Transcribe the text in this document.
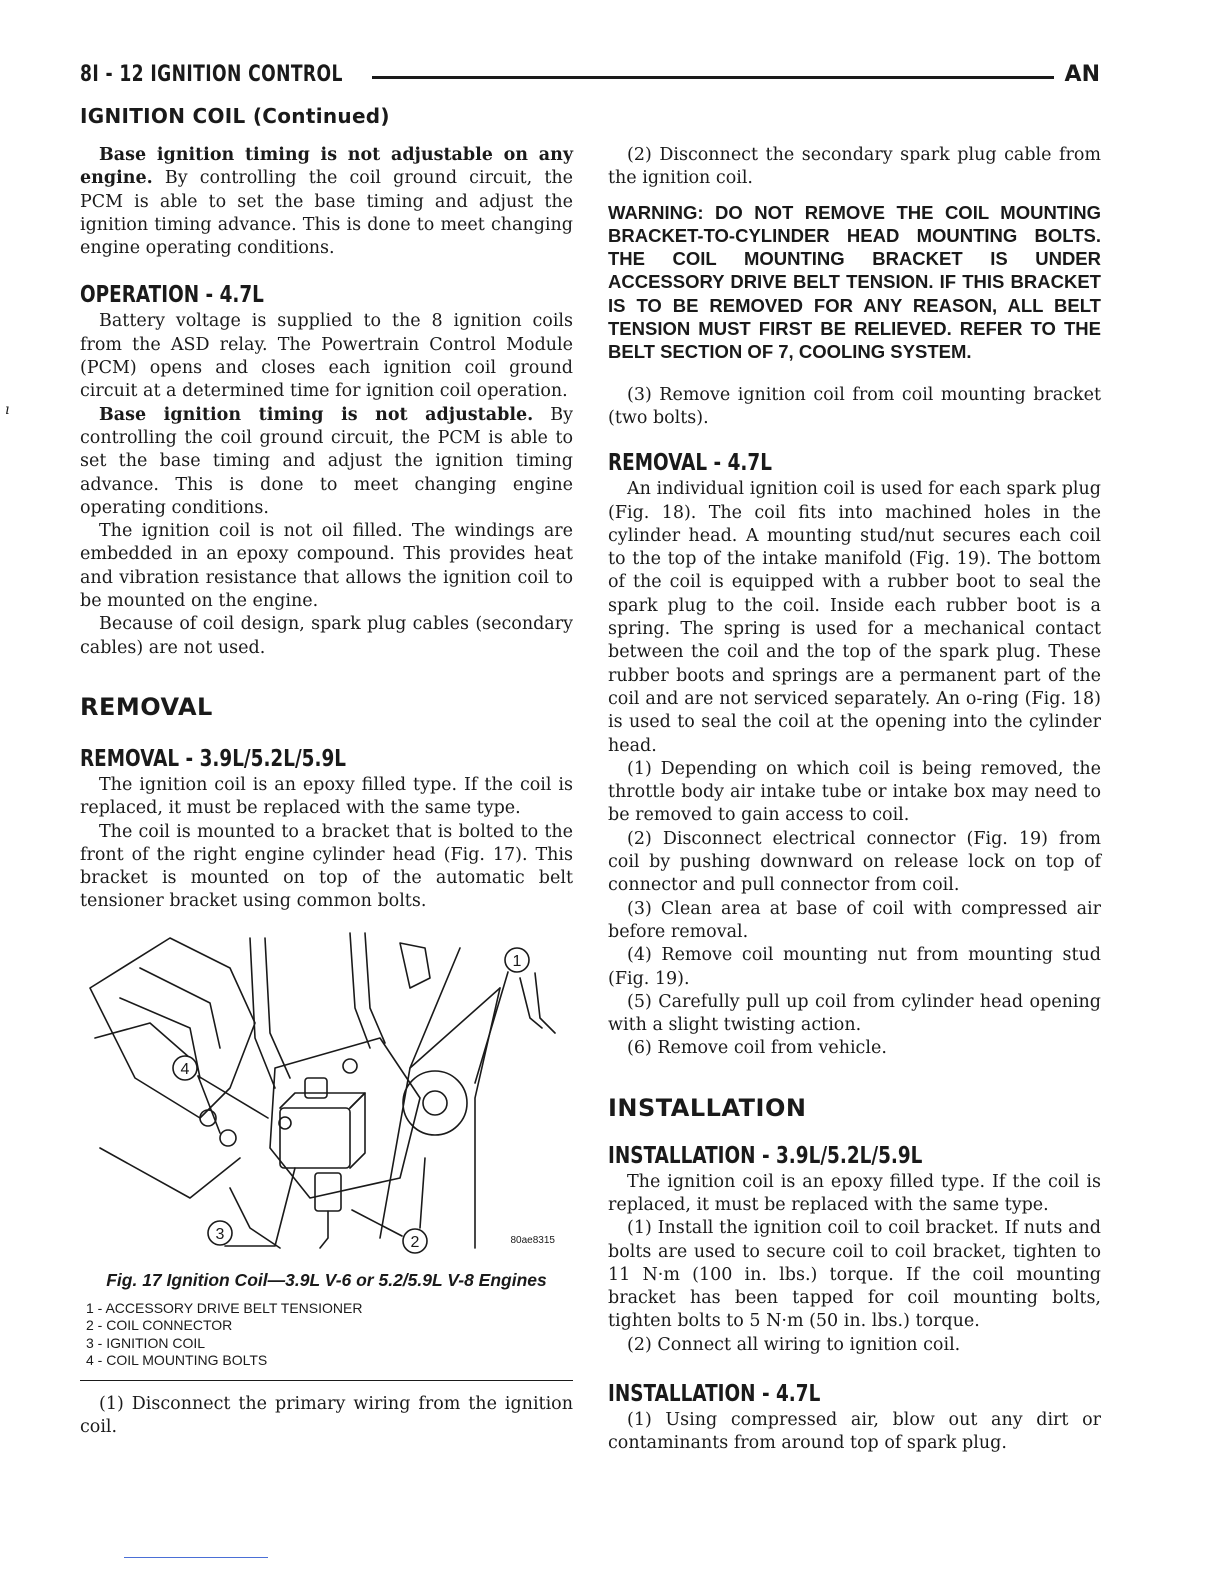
8I - 12 IGNITION CONTROL	AN
IGNITION COIL (Continued)
ı

Base ignition timing is not adjustable on any engine. By controlling the coil ground circuit, the PCM is able to set the base timing and adjust the ignition timing advance. This is done to meet changing engine operating conditions.

OPERATION - 4.7L

Battery voltage is supplied to the 8 ignition coils from the ASD relay. The Powertrain Control Module (PCM) opens and closes each ignition coil ground circuit at a determined time for ignition coil operation.

Base ignition timing is not adjustable. By controlling the coil ground circuit, the PCM is able to set the base timing and adjust the ignition timing advance. This is done to meet changing engine operating conditions.

The ignition coil is not oil filled. The windings are embedded in an epoxy compound. This provides heat and vibration resistance that allows the ignition coil to be mounted on the engine.

Because of coil design, spark plug cables (secondary cables) are not used.

REMOVAL

REMOVAL - 3.9L/5.2L/5.9L

The ignition coil is an epoxy filled type. If the coil is replaced, it must be replaced with the same type.

The coil is mounted to a bracket that is bolted to the front of the right engine cylinder head (Fig. 17). This bracket is mounted on top of the automatic belt tensioner bracket using common bolts.

1
2
3
4
80ae8315
Fig. 17 Ignition Coil—3.9L V-6 or 5.2/5.9L V-8 Engines
1 - ACCESSORY DRIVE BELT TENSIONER
2 - COIL CONNECTOR
3 - IGNITION COIL
4 - COIL MOUNTING BOLTS

(1) Disconnect the primary wiring from the ignition coil.

(2) Disconnect the secondary spark plug cable from the ignition coil.

WARNING: DO NOT REMOVE THE COIL MOUNTING BRACKET-TO-CYLINDER HEAD MOUNTING BOLTS. THE COIL MOUNTING BRACKET IS UNDER ACCESSORY DRIVE BELT TENSION. IF THIS BRACKET IS TO BE REMOVED FOR ANY REASON, ALL BELT TENSION MUST FIRST BE RELIEVED. REFER TO THE BELT SECTION OF 7, COOLING SYSTEM.

(3) Remove ignition coil from coil mounting bracket (two bolts).

REMOVAL - 4.7L

An individual ignition coil is used for each spark plug (Fig. 18). The coil fits into machined holes in the cylinder head. A mounting stud/nut secures each coil to the top of the intake manifold (Fig. 19). The bottom of the coil is equipped with a rubber boot to seal the spark plug to the coil. Inside each rubber boot is a spring. The spring is used for a mechanical contact between the coil and the top of the spark plug. These rubber boots and springs are a permanent part of the coil and are not serviced separately. An o-ring (Fig. 18) is used to seal the coil at the opening into the cylinder head.

(1) Depending on which coil is being removed, the throttle body air intake tube or intake box may need to be removed to gain access to coil.

(2) Disconnect electrical connector (Fig. 19) from coil by pushing downward on release lock on top of connector and pull connector from coil.

(3) Clean area at base of coil with compressed air before removal.

(4) Remove coil mounting nut from mounting stud (Fig. 19).

(5) Carefully pull up coil from cylinder head opening with a slight twisting action.

(6) Remove coil from vehicle.

INSTALLATION

INSTALLATION - 3.9L/5.2L/5.9L

The ignition coil is an epoxy filled type. If the coil is replaced, it must be replaced with the same type.

(1) Install the ignition coil to coil bracket. If nuts and bolts are used to secure coil to coil bracket, tighten to 11 N·m (100 in. lbs.) torque. If the coil mounting bracket has been tapped for coil mounting bolts, tighten bolts to 5 N·m (50 in. lbs.) torque.

(2) Connect all wiring to ignition coil.

INSTALLATION - 4.7L

(1) Using compressed air, blow out any dirt or contaminants from around top of spark plug.
